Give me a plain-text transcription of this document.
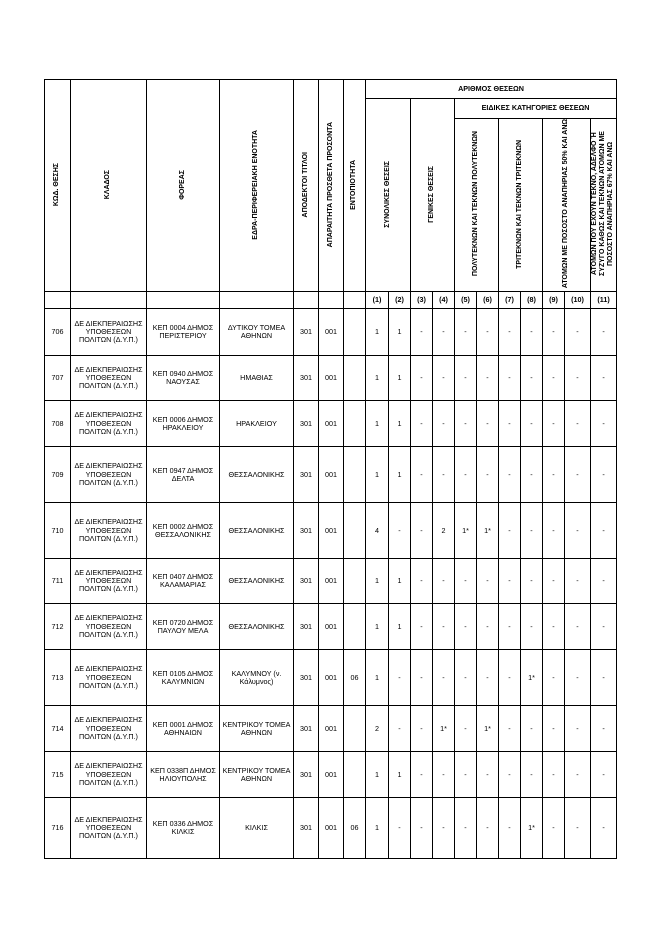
ΚΩΔ. ΘΕΣΗΣ	ΚΛΑΔΟΣ	ΦΟΡΕΑΣ	ΕΔΡΑ-ΠΕΡΙΦΕΡΕΙΑΚΗ ΕΝΟΤΗΤΑ	ΑΠΟΔΕΚΤΟΙ ΤΙΤΛΟΙ	ΑΠΑΡΑΙΤΗΤΑ ΠΡΟΣΘΕΤΑ ΠΡΟΣΟΝΤΑ	ΕΝΤΟΠΙΟΤΗΤΑ	ΑΡΙΘΜΟΣ ΘΕΣΕΩΝ										
							ΣΥΝΟΛΙΚΕΣ ΘΕΣΕΙΣ		ΓΕΝΙΚΕΣ ΘΕΣΕΙΣ		ΕΙΔΙΚΕΣ ΚΑΤΗΓΟΡΙΕΣ ΘΕΣΕΩΝ						
											ΠΟΛΥΤΕΚΝΩΝ ΚΑΙ ΤΕΚΝΩΝ ΠΟΛΥΤΕΚΝΩΝ		ΤΡΙΤΕΚΝΩΝ ΚΑΙ ΤΕΚΝΩΝ ΤΡΙΤΕΚΝΩΝ		ΑΤΟΜΩΝ ΜΕ ΠΟΣΟΣΤΟ ΑΝΑΠΗΡΙΑΣ 50% ΚΑΙ ΑΝΩ		ΑΤΟΜΩΝ ΠΟΥ ΕΧΟΥΝ ΤΕΚΝΟ, ΑΔΕΛΦΟ Ή ΣΥΖΥΓΟ ΚΑΘΩΣ ΚΑΙ ΤΕΚΝΩΝ ΑΤΟΜΩΝ ΜΕ ΠΟΣΟΣΤΟ ΑΝΑΠΗΡΙΑΣ 67% ΚΑΙ ΑΝΩ
							(1)	(2)	(3)	(4)	(5)	(6)	(7)	(8)	(9)	(10)	(11)
706	ΔΕ ΔΙΕΚΠΕΡΑΙΩΣΗΣ ΥΠΟΘΕΣΕΩΝ ΠΟΛΙΤΩΝ (Δ.Υ.Π.)	ΚΕΠ 0004 ΔΗΜΟΣ ΠΕΡΙΣΤΕΡΙΟΥ	ΔΥΤΙΚΟΥ ΤΟΜΕΑ ΑΘΗΝΩΝ	301	001		1	1	-	-	-	-	-	-	-	-	-
707	ΔΕ ΔΙΕΚΠΕΡΑΙΩΣΗΣ ΥΠΟΘΕΣΕΩΝ ΠΟΛΙΤΩΝ (Δ.Υ.Π.)	ΚΕΠ 0940 ΔΗΜΟΣ ΝΑΟΥΣΑΣ	ΗΜΑΘΙΑΣ	301	001		1	1	-	-	-	-	-	-	-	-	-
708	ΔΕ ΔΙΕΚΠΕΡΑΙΩΣΗΣ ΥΠΟΘΕΣΕΩΝ ΠΟΛΙΤΩΝ (Δ.Υ.Π.)	ΚΕΠ 0006 ΔΗΜΟΣ ΗΡΑΚΛΕΙΟΥ	ΗΡΑΚΛΕΙΟΥ	301	001		1	1	-	-	-	-	-	-	-	-	-
709	ΔΕ ΔΙΕΚΠΕΡΑΙΩΣΗΣ ΥΠΟΘΕΣΕΩΝ ΠΟΛΙΤΩΝ (Δ.Υ.Π.)	ΚΕΠ 0947 ΔΗΜΟΣ ΔΕΛΤΑ	ΘΕΣΣΑΛΟΝΙΚΗΣ	301	001		1	1	-	-	-	-	-	-	-	-	-
710	ΔΕ ΔΙΕΚΠΕΡΑΙΩΣΗΣ ΥΠΟΘΕΣΕΩΝ ΠΟΛΙΤΩΝ (Δ.Υ.Π.)	ΚΕΠ 0002 ΔΗΜΟΣ ΘΕΣΣΑΛΟΝΙΚΗΣ	ΘΕΣΣΑΛΟΝΙΚΗΣ	301	001		4	-	-	2	1*	1*	-	-	-	-	-
711	ΔΕ ΔΙΕΚΠΕΡΑΙΩΣΗΣ ΥΠΟΘΕΣΕΩΝ ΠΟΛΙΤΩΝ (Δ.Υ.Π.)	ΚΕΠ 0407 ΔΗΜΟΣ ΚΑΛΑΜΑΡΙΑΣ	ΘΕΣΣΑΛΟΝΙΚΗΣ	301	001		1	1	-	-	-	-	-	-	-	-	-
712	ΔΕ ΔΙΕΚΠΕΡΑΙΩΣΗΣ ΥΠΟΘΕΣΕΩΝ ΠΟΛΙΤΩΝ (Δ.Υ.Π.)	ΚΕΠ 0720 ΔΗΜΟΣ ΠΑΥΛΟΥ ΜΕΛΑ	ΘΕΣΣΑΛΟΝΙΚΗΣ	301	001		1	1	-	-	-	-	-	-	-	-	-
713	ΔΕ ΔΙΕΚΠΕΡΑΙΩΣΗΣ ΥΠΟΘΕΣΕΩΝ ΠΟΛΙΤΩΝ (Δ.Υ.Π.)	ΚΕΠ 0105 ΔΗΜΟΣ ΚΑΛΥΜΝΙΩΝ	ΚΑΛΥΜΝΟΥ (ν. Κάλυμνος)	301	001	06	1	-	-	-	-	-	-	1*	-	-	-
714	ΔΕ ΔΙΕΚΠΕΡΑΙΩΣΗΣ ΥΠΟΘΕΣΕΩΝ ΠΟΛΙΤΩΝ (Δ.Υ.Π.)	ΚΕΠ 0001 ΔΗΜΟΣ ΑΘΗΝΑΙΩΝ	ΚΕΝΤΡΙΚΟΥ ΤΟΜΕΑ ΑΘΗΝΩΝ	301	001		2	-	-	1*	-	1*	-	-	-	-	-
715	ΔΕ ΔΙΕΚΠΕΡΑΙΩΣΗΣ ΥΠΟΘΕΣΕΩΝ ΠΟΛΙΤΩΝ (Δ.Υ.Π.)	ΚΕΠ 0338Π ΔΗΜΟΣ ΗΛΙΟΥΠΟΛΗΣ	ΚΕΝΤΡΙΚΟΥ ΤΟΜΕΑ ΑΘΗΝΩΝ	301	001		1	1	-	-	-	-	-	-	-	-	-
716	ΔΕ ΔΙΕΚΠΕΡΑΙΩΣΗΣ ΥΠΟΘΕΣΕΩΝ ΠΟΛΙΤΩΝ (Δ.Υ.Π.)	ΚΕΠ 0336 ΔΗΜΟΣ ΚΙΛΚΙΣ	ΚΙΛΚΙΣ	301	001	06	1	-	-	-	-	-	-	1*	-	-	-
